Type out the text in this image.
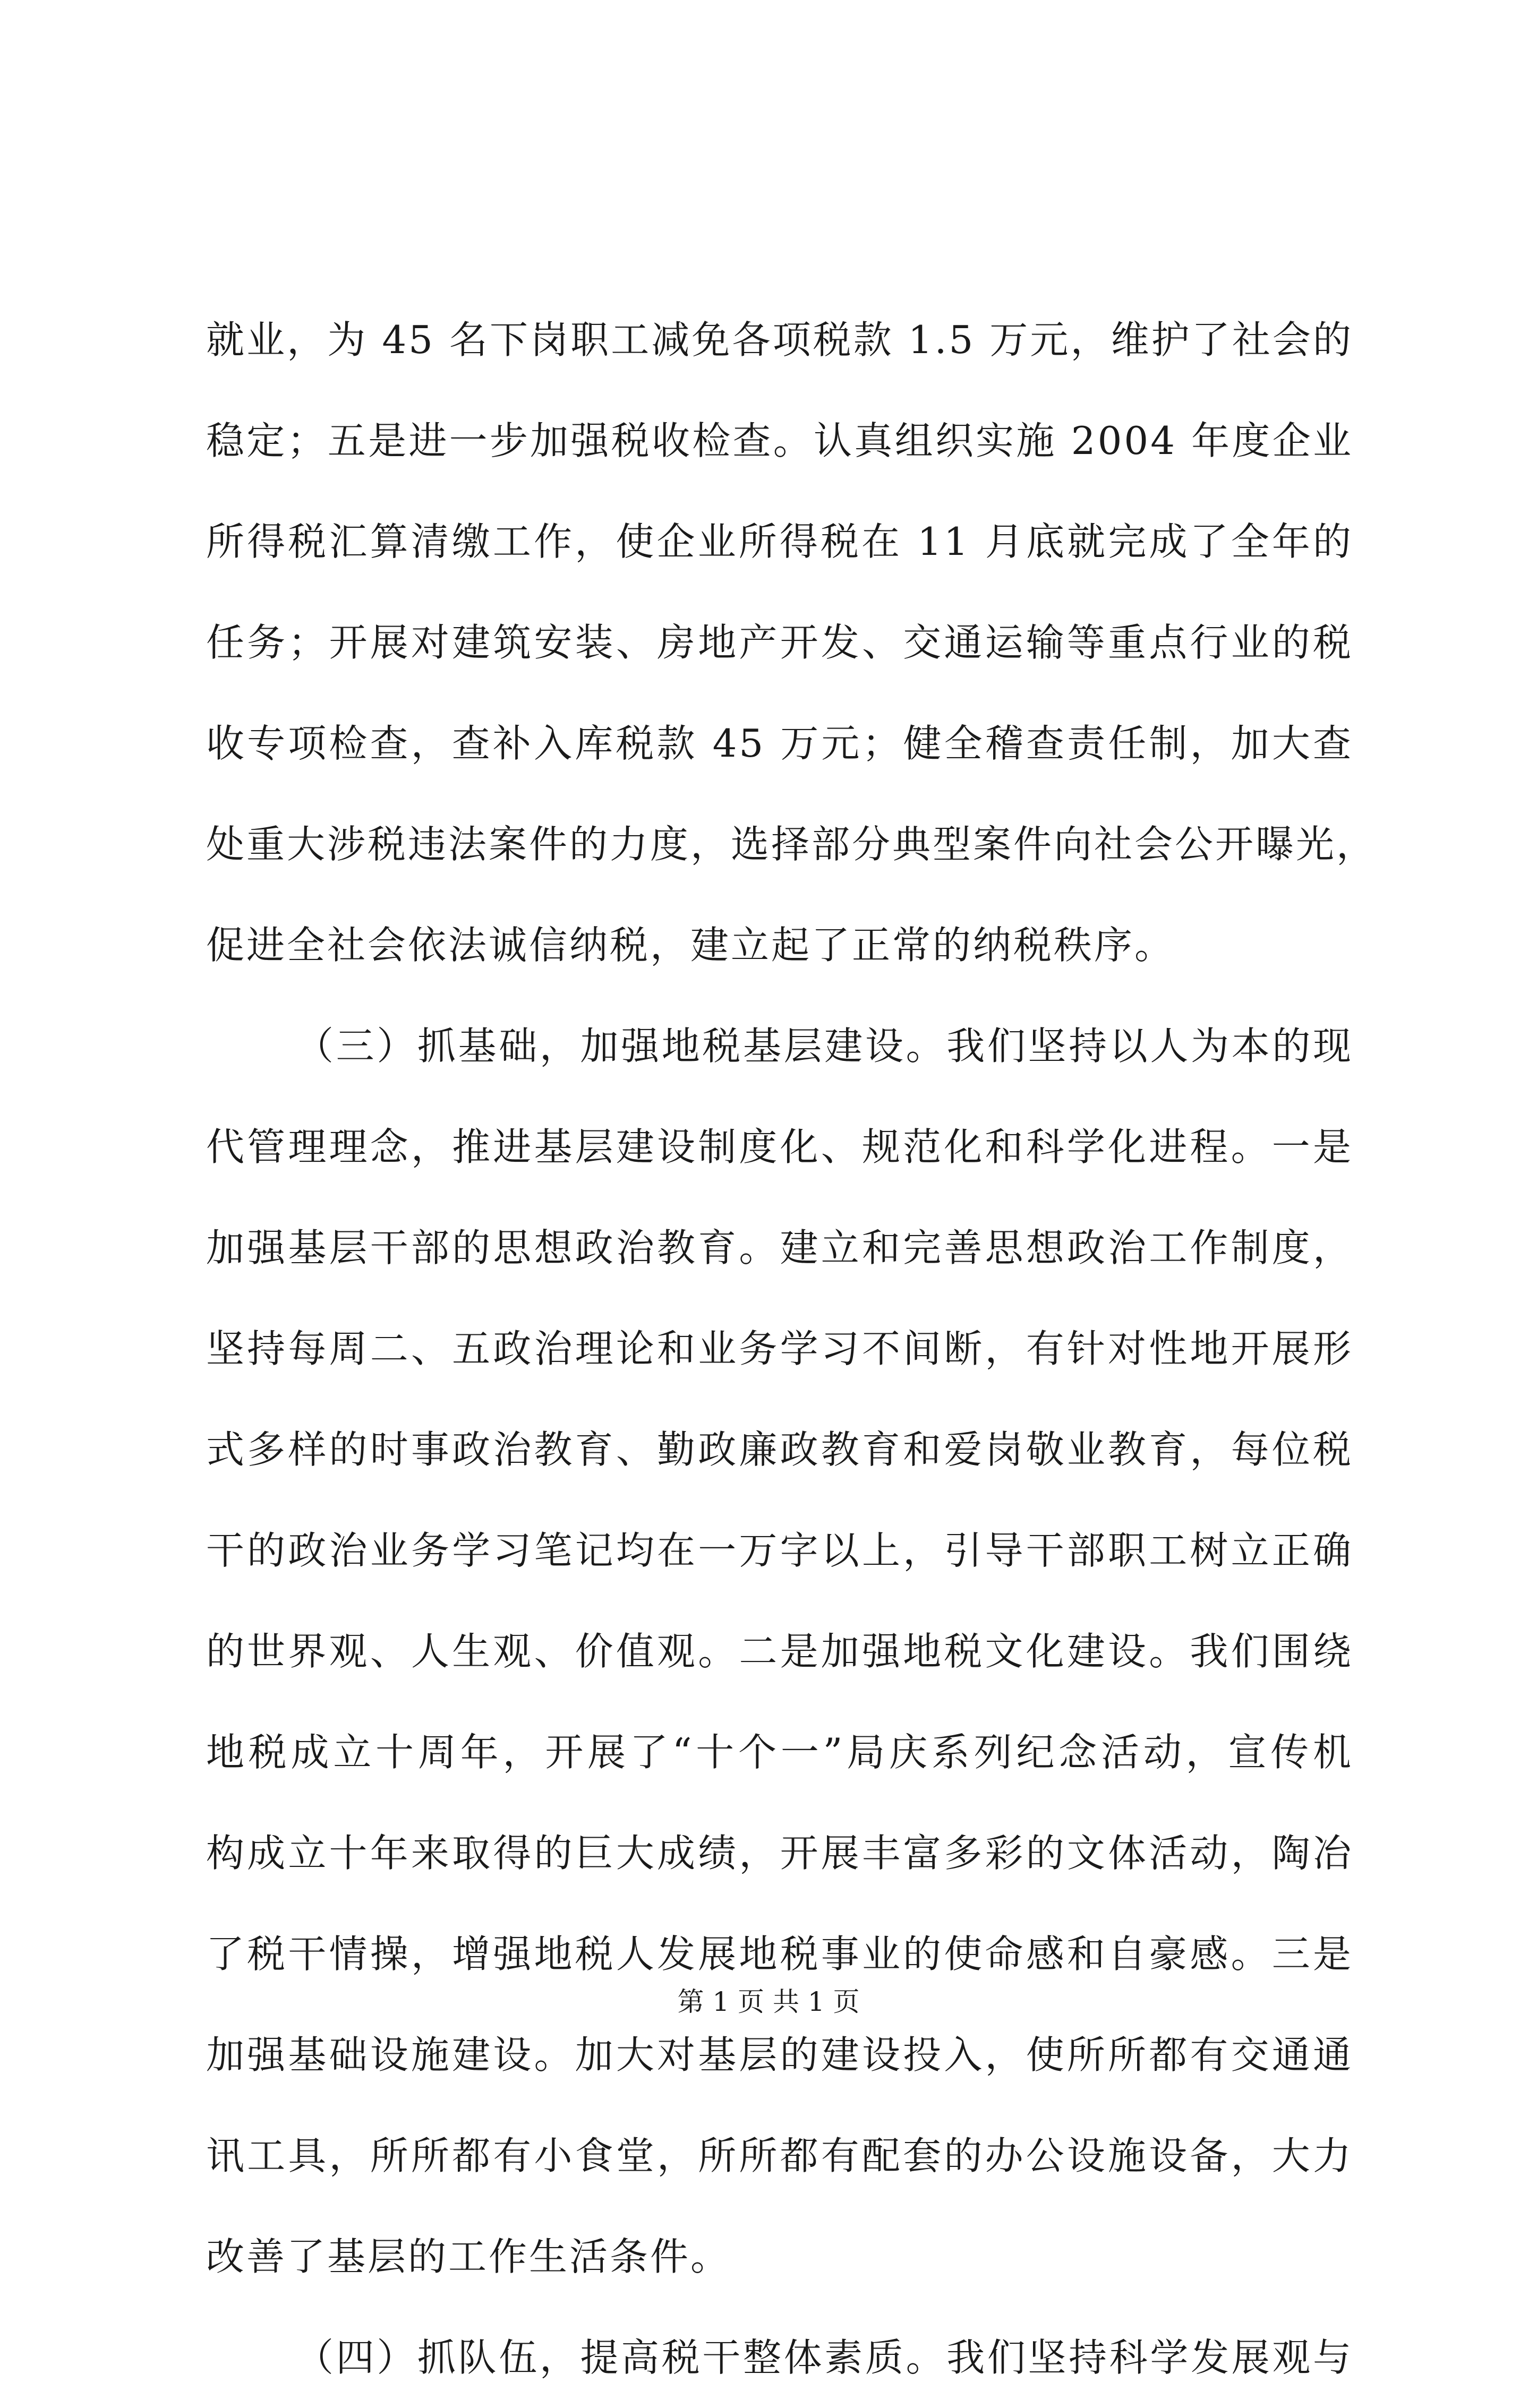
就业，为 45 名下岗职工减免各项税款 1.5 万元，维护了社会的
稳定；五是进一步加强税收检查。认真组织实施 2004 年度企业
所得税汇算清缴工作，使企业所得税在 11 月底就完成了全年的
任务；开展对建筑安装、房地产开发、交通运输等重点行业的税
收专项检查，查补入库税款 45 万元；健全稽查责任制，加大查
处重大涉税违法案件的力度，选择部分典型案件向社会公开曝光，
促进全社会依法诚信纳税，建立起了正常的纳税秩序。
（三）抓基础，加强地税基层建设。我们坚持以人为本的现
代管理理念，推进基层建设制度化、规范化和科学化进程。一是
加强基层干部的思想政治教育。建立和完善思想政治工作制度，
坚持每周二、五政治理论和业务学习不间断，有针对性地开展形
式多样的时事政治教育、勤政廉政教育和爱岗敬业教育，每位税
干的政治业务学习笔记均在一万字以上，引导干部职工树立正确
的世界观、人生观、价值观。二是加强地税文化建设。我们围绕
地税成立十周年，开展了“十个一”局庆系列纪念活动，宣传机
构成立十年来取得的巨大成绩，开展丰富多彩的文体活动，陶冶
了税干情操，增强地税人发展地税事业的使命感和自豪感。三是
加强基础设施建设。加大对基层的建设投入，使所所都有交通通
讯工具，所所都有小食堂，所所都有配套的办公设施设备，大力
改善了基层的工作生活条件。
（四）抓队伍，提高税干整体素质。我们坚持科学发展观与
第 1 页 共 1 页
